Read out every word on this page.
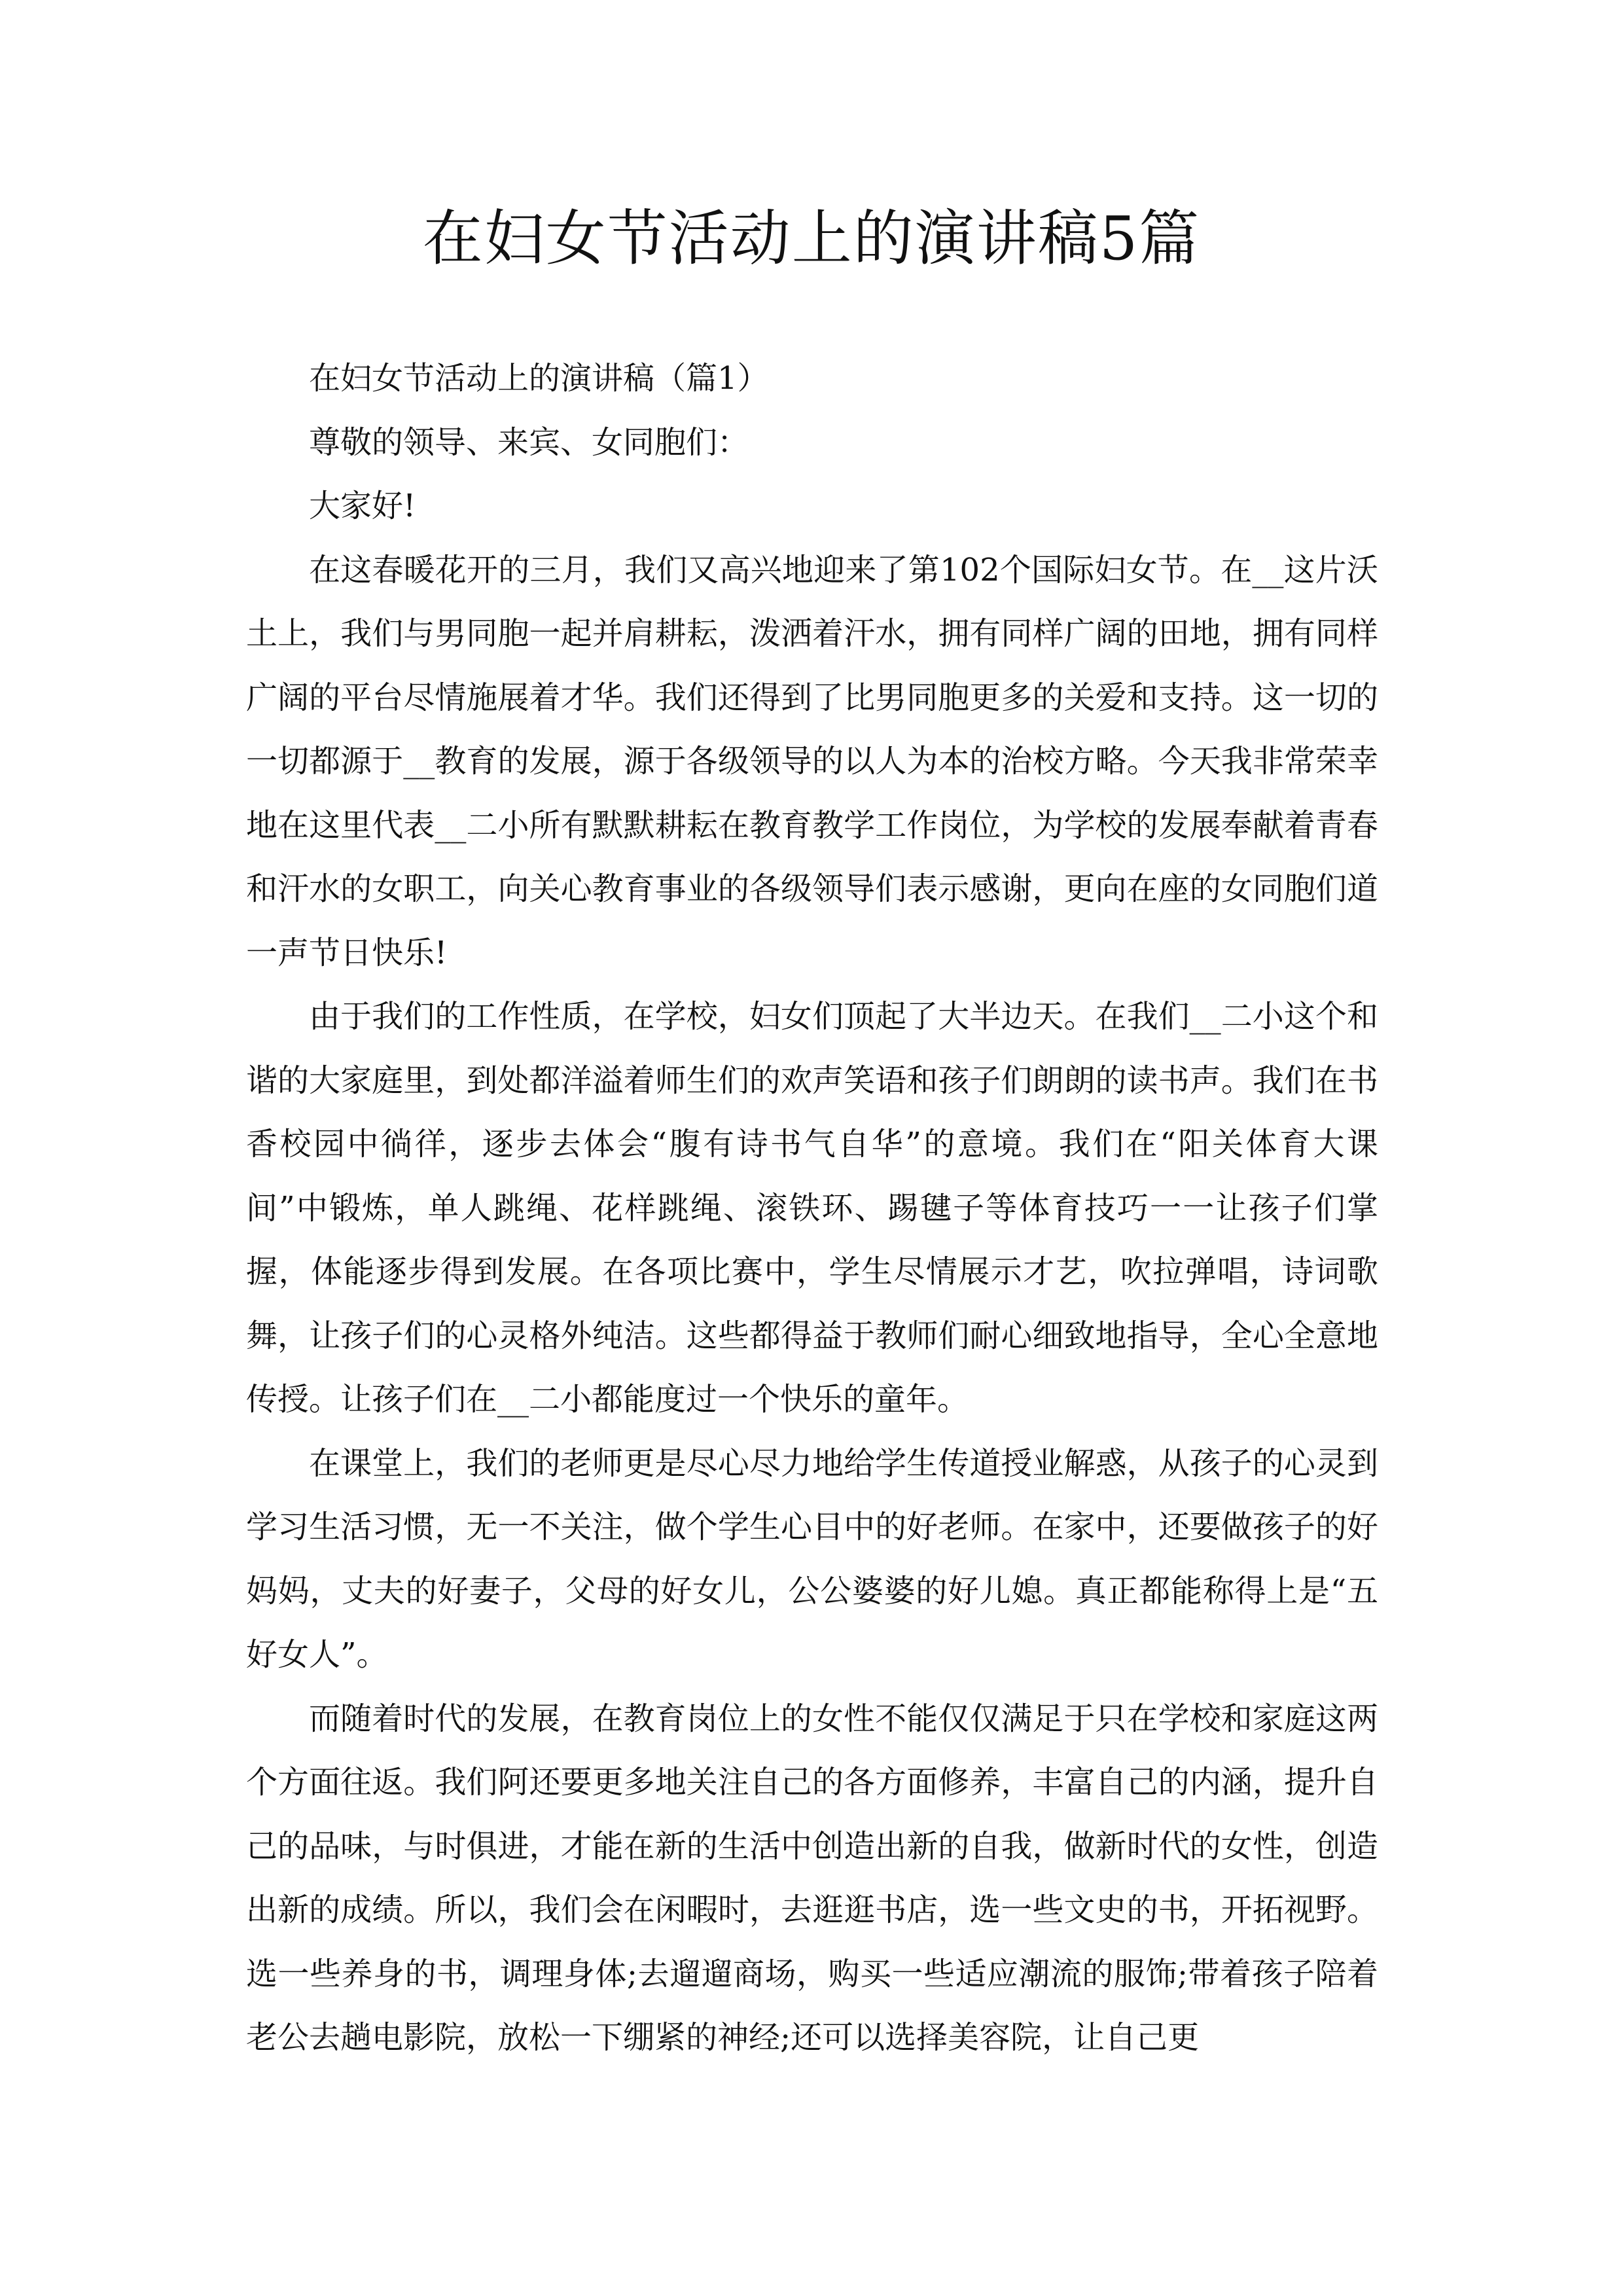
在妇女节活动上的演讲稿5篇

在妇女节活动上的演讲稿（篇1）

尊敬的领导、来宾、女同胞们：

大家好!

在这春暖花开的三月，我们又高兴地迎来了第102个国际妇女节。在__这片沃土上，我们与男同胞一起并肩耕耘，泼洒着汗水，拥有同样广阔的田地，拥有同样广阔的平台尽情施展着才华。我们还得到了比男同胞更多的关爱和支持。这一切的一切都源于__教育的发展，源于各级领导的以人为本的治校方略。今天我非常荣幸地在这里代表__二小所有默默耕耘在教育教学工作岗位，为学校的发展奉献着青春和汗水的女职工，向关心教育事业的各级领导们表示感谢，更向在座的女同胞们道一声节日快乐!

由于我们的工作性质，在学校，妇女们顶起了大半边天。在我们__二小这个和谐的大家庭里，到处都洋溢着师生们的欢声笑语和孩子们朗朗的读书声。我们在书香校园中徜徉，逐步去体会“腹有诗书气自华”的意境。我们在“阳关体育大课间”中锻炼，单人跳绳、花样跳绳、滚铁环、踢毽子等体育技巧一一让孩子们掌握，体能逐步得到发展。在各项比赛中，学生尽情展示才艺，吹拉弹唱，诗词歌舞，让孩子们的心灵格外纯洁。这些都得益于教师们耐心细致地指导，全心全意地传授。让孩子们在__二小都能度过一个快乐的童年。

在课堂上，我们的老师更是尽心尽力地给学生传道授业解惑，从孩子的心灵到学习生活习惯，无一不关注，做个学生心目中的好老师。在家中，还要做孩子的好妈妈，丈夫的好妻子，父母的好女儿，公公婆婆的好儿媳。真正都能称得上是“五好女人”。

而随着时代的发展，在教育岗位上的女性不能仅仅满足于只在学校和家庭这两个方面往返。我们阿还要更多地关注自己的各方面修养，丰富自己的内涵，提升自己的品味，与时俱进，才能在新的生活中创造出新的自我，做新时代的女性，创造出新的成绩。所以，我们会在闲暇时，去逛逛书店，选一些文史的书，开拓视野。选一些养身的书，调理身体;去遛遛商场，购买一些适应潮流的服饰;带着孩子陪着老公去趟电影院，放松一下绷紧的神经;还可以选择美容院，让自己更
